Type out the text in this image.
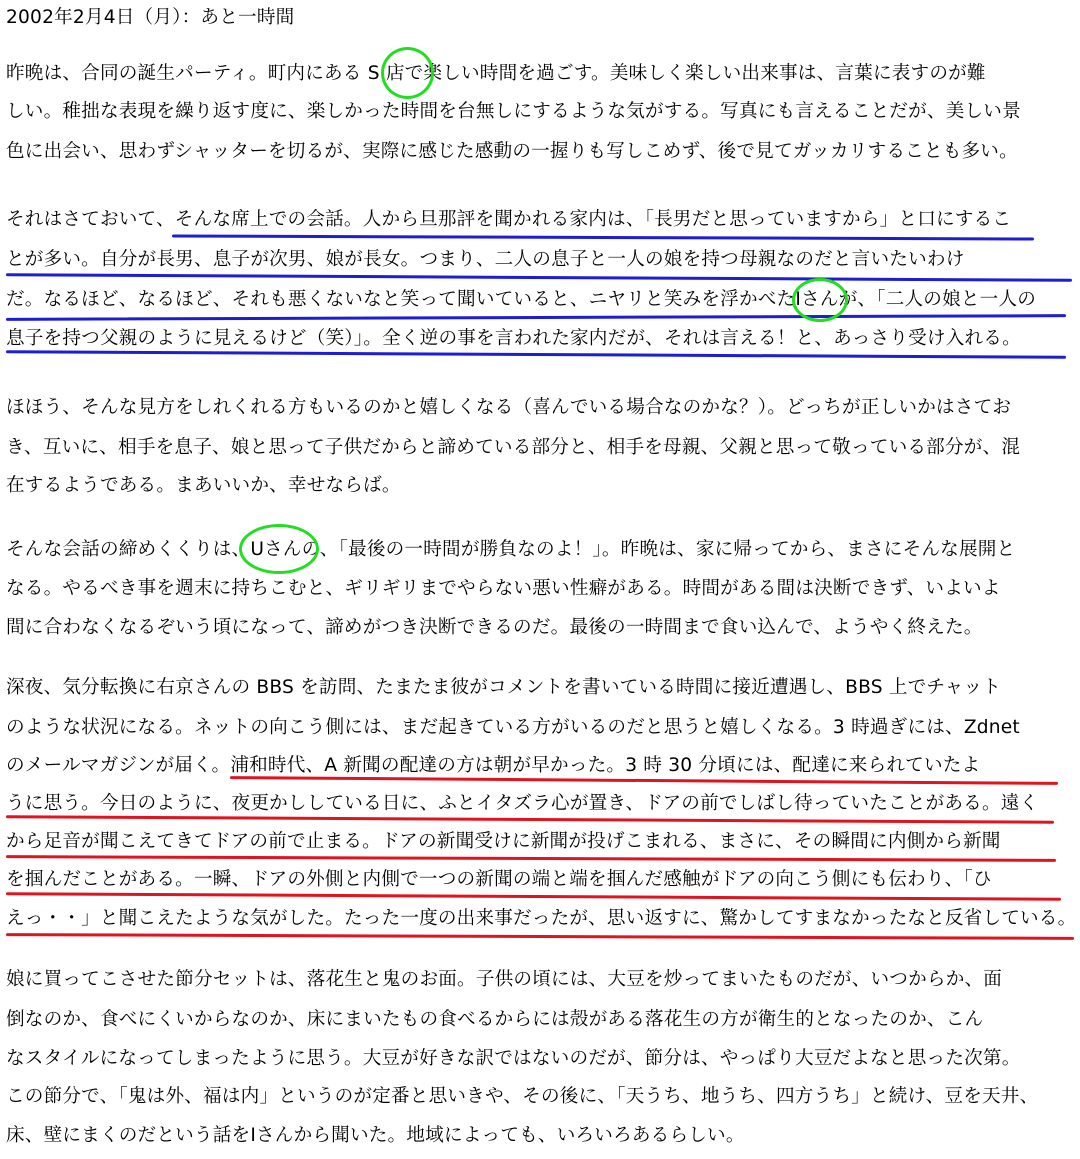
2002年2月4日（月）：あと一時間
昨晩は、合同の誕生パーティ。町内にある S 店で楽しい時間を過ごす。美味しく楽しい出来事は、言葉に表すのが難
しい。稚拙な表現を繰り返す度に、楽しかった時間を台無しにするような気がする。写真にも言えることだが、美しい景
色に出会い、思わずシャッターを切るが、実際に感じた感動の一握りも写しこめず、後で見てガッカリすることも多い。
それはさておいて、そんな席上での会話。人から旦那評を聞かれる家内は、「長男だと思っていますから」と口にするこ
とが多い。自分が長男、息子が次男、娘が長女。つまり、二人の息子と一人の娘を持つ母親なのだと言いたいわけ
だ。なるほど、なるほど、それも悪くないなと笑って聞いていると、ニヤリと笑みを浮かべたIさんが、「二人の娘と一人の
息子を持つ父親のように見えるけど（笑）」。全く逆の事を言われた家内だが、それは言える！と、あっさり受け入れる。
ほほう、そんな見方をしれくれる方もいるのかと嬉しくなる（喜んでいる場合なのかな？）。どっちが正しいかはさてお
き、互いに、相手を息子、娘と思って子供だからと諦めている部分と、相手を母親、父親と思って敬っている部分が、混
在するようである。まあいいか、幸せならば。
そんな会話の締めくくりは、Uさんの、「最後の一時間が勝負なのよ！」。昨晩は、家に帰ってから、まさにそんな展開と
なる。やるべき事を週末に持ちこむと、ギリギリまでやらない悪い性癖がある。時間がある間は決断できず、いよいよ
間に合わなくなるぞいう頃になって、諦めがつき決断できるのだ。最後の一時間まで食い込んで、ようやく終えた。
深夜、気分転換に右京さんの BBS を訪問、たまたま彼がコメントを書いている時間に接近遭遇し、BBS 上でチャット
のような状況になる。ネットの向こう側には、まだ起きている方がいるのだと思うと嬉しくなる。3 時過ぎには、Zdnet
のメールマガジンが届く。浦和時代、A 新聞の配達の方は朝が早かった。3 時 30 分頃には、配達に来られていたよ
うに思う。今日のように、夜更かししている日に、ふとイタズラ心が置き、ドアの前でしばし待っていたことがある。遠く
から足音が聞こえてきてドアの前で止まる。ドアの新聞受けに新聞が投げこまれる、まさに、その瞬間に内側から新聞
を掴んだことがある。一瞬、ドアの外側と内側で一つの新聞の端と端を掴んだ感触がドアの向こう側にも伝わり、「ひ
えっ・・」と聞こえたような気がした。たった一度の出来事だったが、思い返すに、驚かしてすまなかったなと反省している。
娘に買ってこさせた節分セットは、落花生と鬼のお面。子供の頃には、大豆を炒ってまいたものだが、いつからか、面
倒なのか、食べにくいからなのか、床にまいたもの食べるからには殻がある落花生の方が衛生的となったのか、こん
なスタイルになってしまったように思う。大豆が好きな訳ではないのだが、節分は、やっぱり大豆だよなと思った次第。
この節分で、「鬼は外、福は内」というのが定番と思いきや、その後に、「天うち、地うち、四方うち」と続け、豆を天井、
床、壁にまくのだという話をIさんから聞いた。地域によっても、いろいろあるらしい。
